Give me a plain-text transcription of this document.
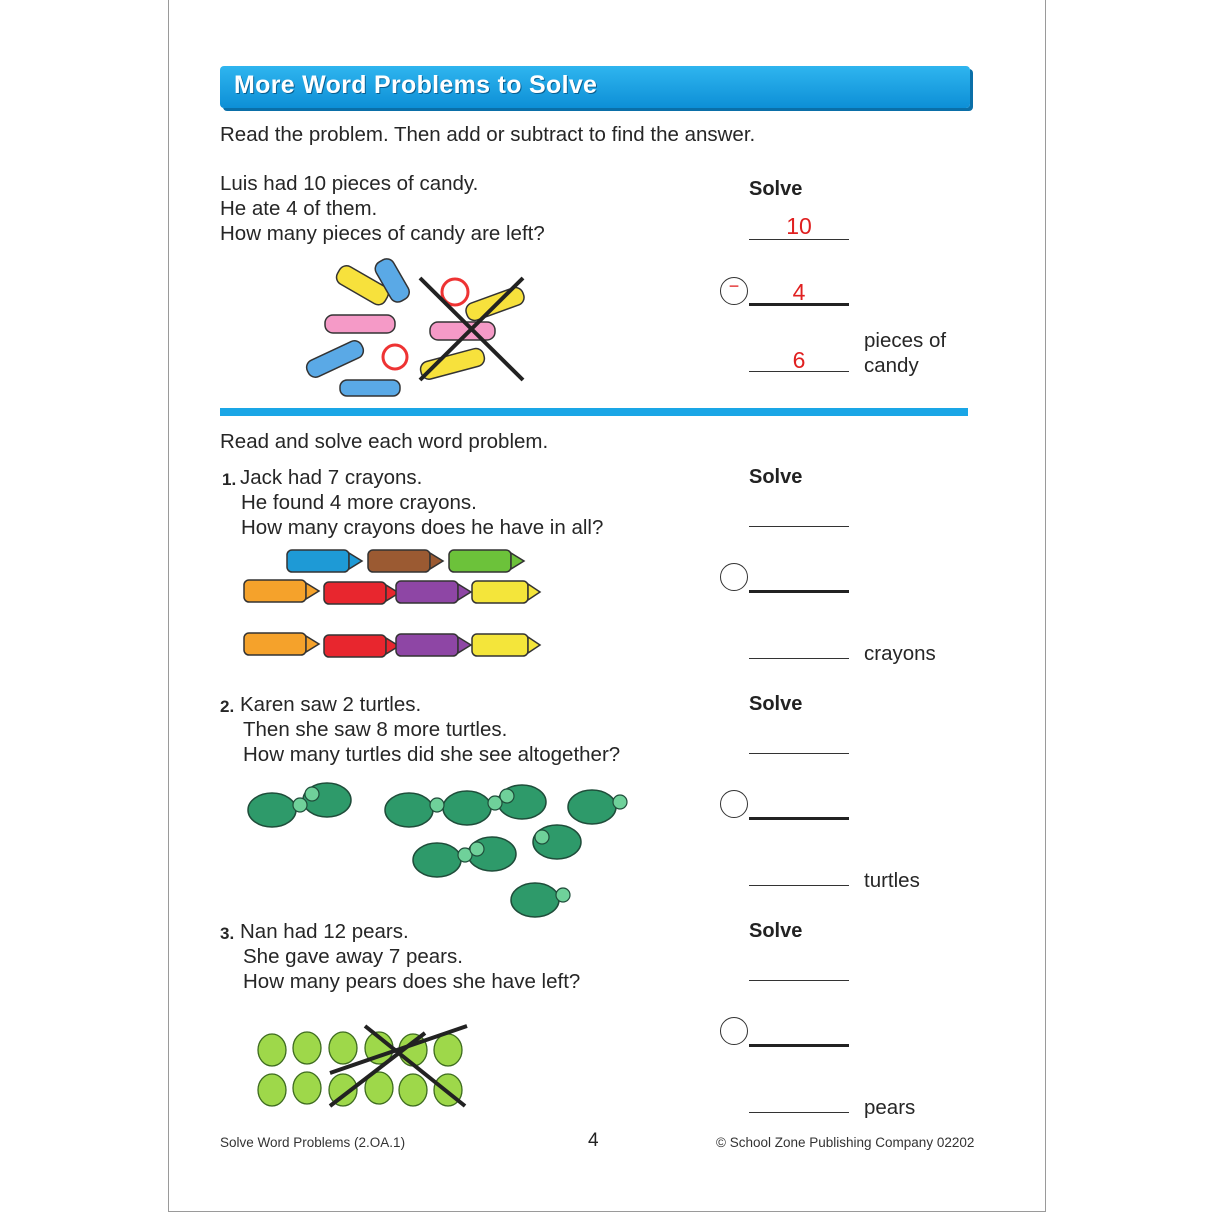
More Word Problems to Solve
Read the problem. Then add or subtract to find the answer.
Luis had 10 pieces of candy.
He ate 4 of them.
How many pieces of candy are left?
Solve
10
−	4
6
pieces of
candy
Read and solve each word problem.
1. Jack had 7 crayons.
He found 4 more crayons.
How many crayons does he have in all?
Solve
crayons
2. Karen saw 2 turtles.
Then she saw 8 more turtles.
How many turtles did she see altogether?
Solve
turtles
3. Nan had 12 pears.
She gave away 7 pears.
How many pears does she have left?
Solve
pears
Solve Word Problems (2.OA.1)	4	© School Zone Publishing Company 02202
